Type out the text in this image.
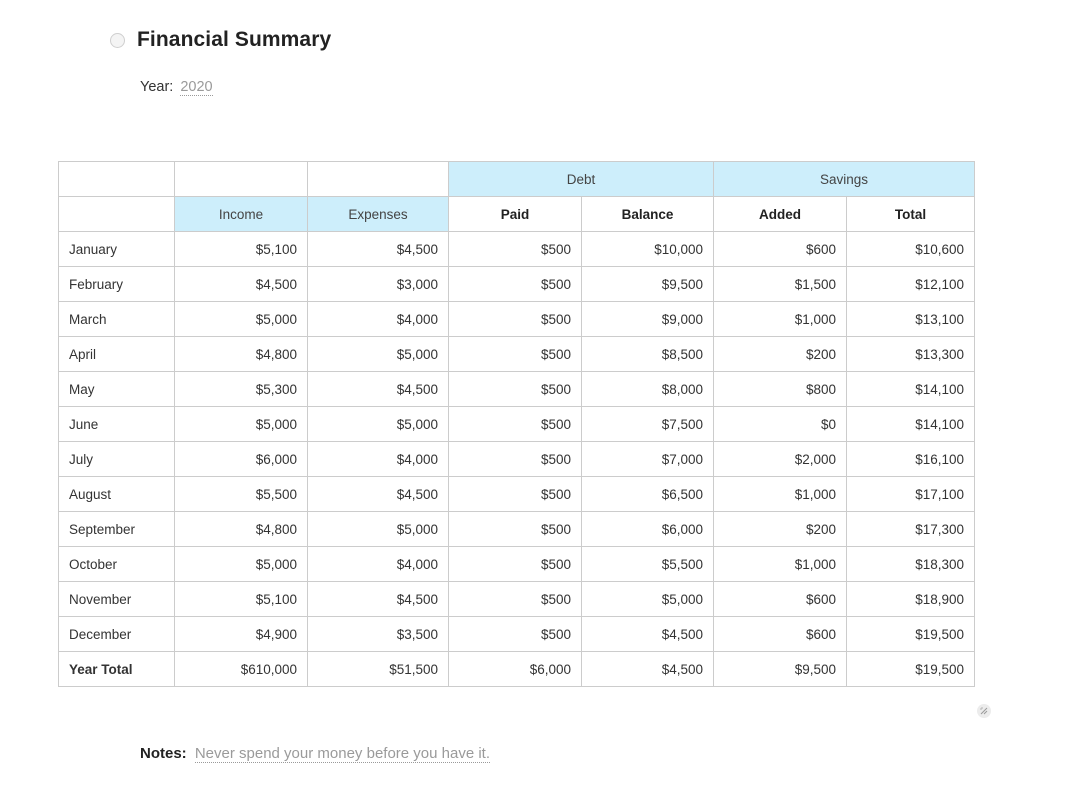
Financial Summary
Year: 2020
			Debt		Savings	
	Income	Expenses	Paid	Balance	Added	Total
January	$5,100	$4,500	$500	$10,000	$600	$10,600
February	$4,500	$3,000	$500	$9,500	$1,500	$12,100
March	$5,000	$4,000	$500	$9,000	$1,000	$13,100
April	$4,800	$5,000	$500	$8,500	$200	$13,300
May	$5,300	$4,500	$500	$8,000	$800	$14,100
June	$5,000	$5,000	$500	$7,500	$0	$14,100
July	$6,000	$4,000	$500	$7,000	$2,000	$16,100
August	$5,500	$4,500	$500	$6,500	$1,000	$17,100
September	$4,800	$5,000	$500	$6,000	$200	$17,300
October	$5,000	$4,000	$500	$5,500	$1,000	$18,300
November	$5,100	$4,500	$500	$5,000	$600	$18,900
December	$4,900	$3,500	$500	$4,500	$600	$19,500
Year Total	$610,000	$51,500	$6,000	$4,500	$9,500	$19,500
Notes: Never spend your money before you have it.
